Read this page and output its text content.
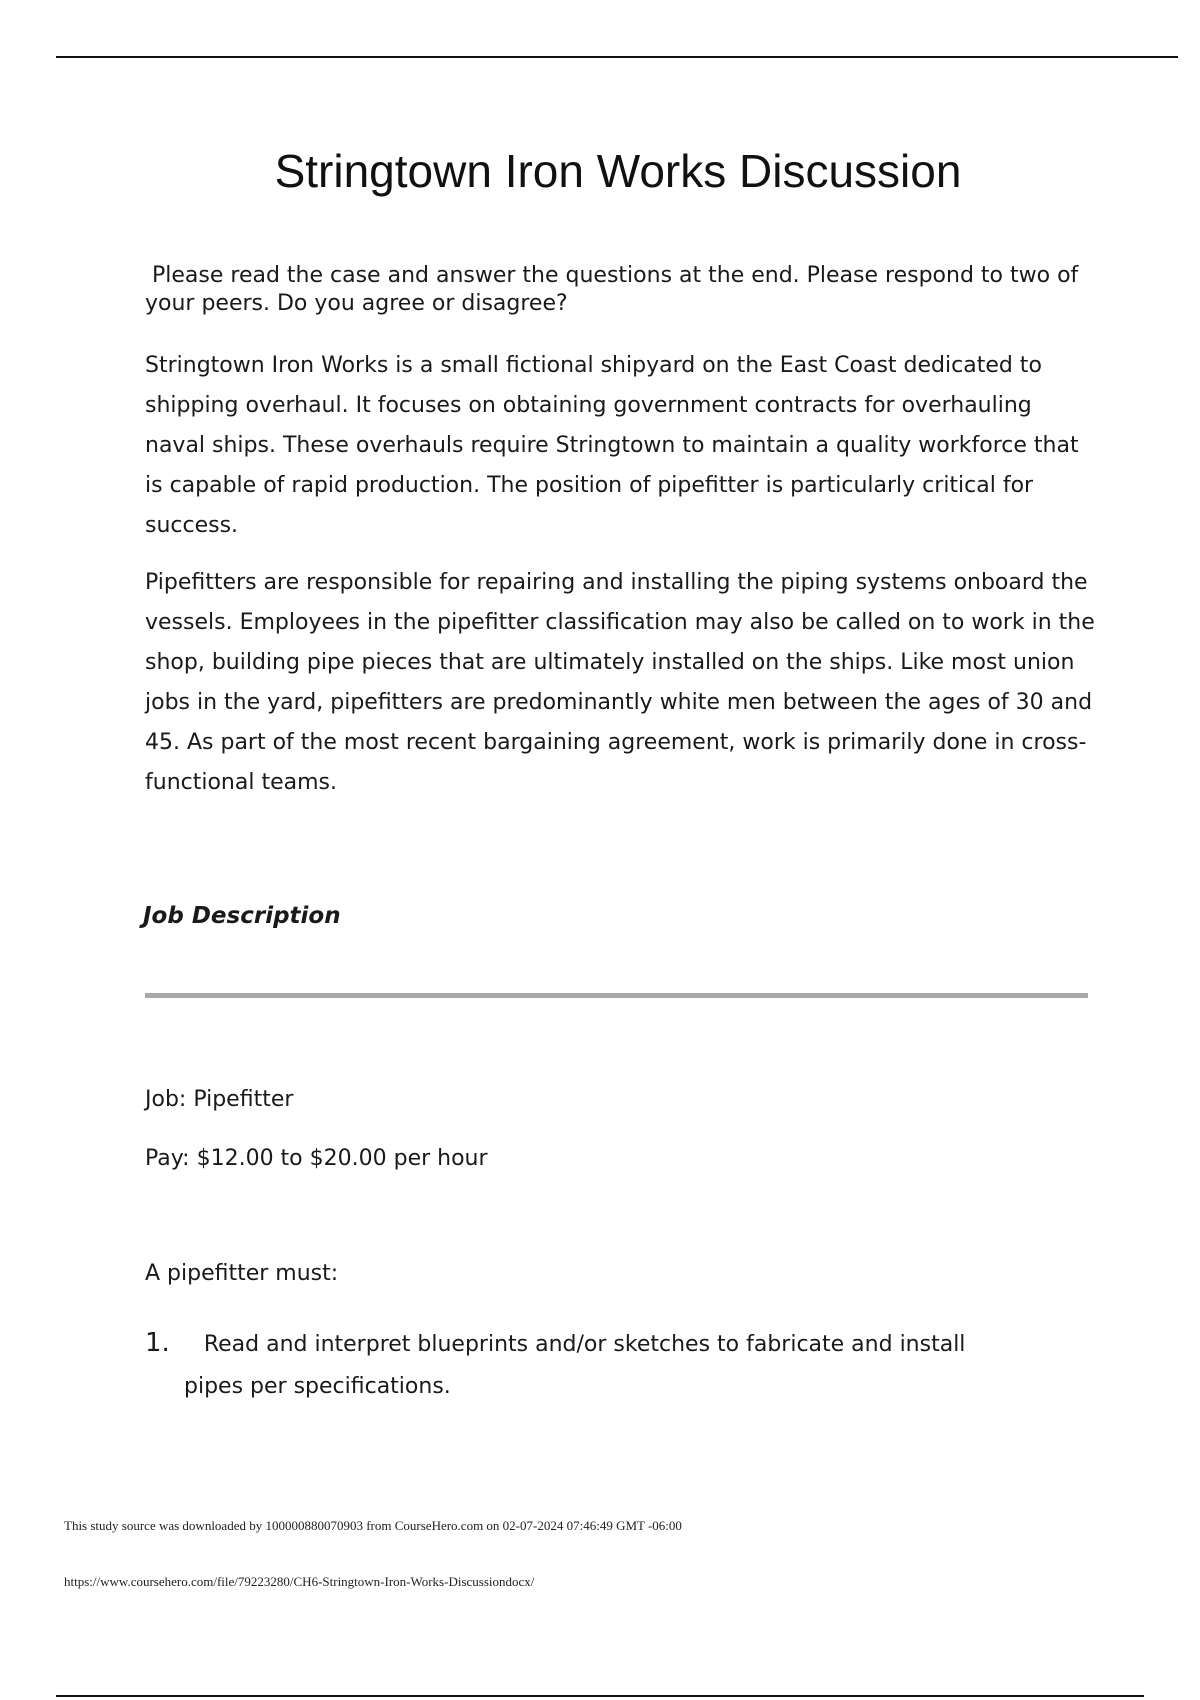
Stringtown Iron Works Discussion

Please read the case and answer the questions at the end. Please respond to two of your peers. Do you agree or disagree?

Stringtown Iron Works is a small fictional shipyard on the East Coast dedicated to shipping overhaul. It focuses on obtaining government contracts for overhauling naval ships. These overhauls require Stringtown to maintain a quality workforce that is capable of rapid production. The position of pipefitter is particularly critical for success.

Pipefitters are responsible for repairing and installing the piping systems onboard the vessels. Employees in the pipefitter classification may also be called on to work in the shop, building pipe pieces that are ultimately installed on the ships. Like most union jobs in the yard, pipefitters are predominantly white men between the ages of 30 and 45. As part of the most recent bargaining agreement, work is primarily done in cross-functional teams.

Job Description

Job: Pipefitter

Pay: $12.00 to $20.00 per hour

A pipefitter must:

1. Read and interpret blueprints and/or sketches to fabricate and install
pipes per specifications.

This study source was downloaded by 100000880070903 from CourseHero.com on 02-07-2024 07:46:49 GMT -06:00

https://www.coursehero.com/file/79223280/CH6-Stringtown-Iron-Works-Discussiondocx/
